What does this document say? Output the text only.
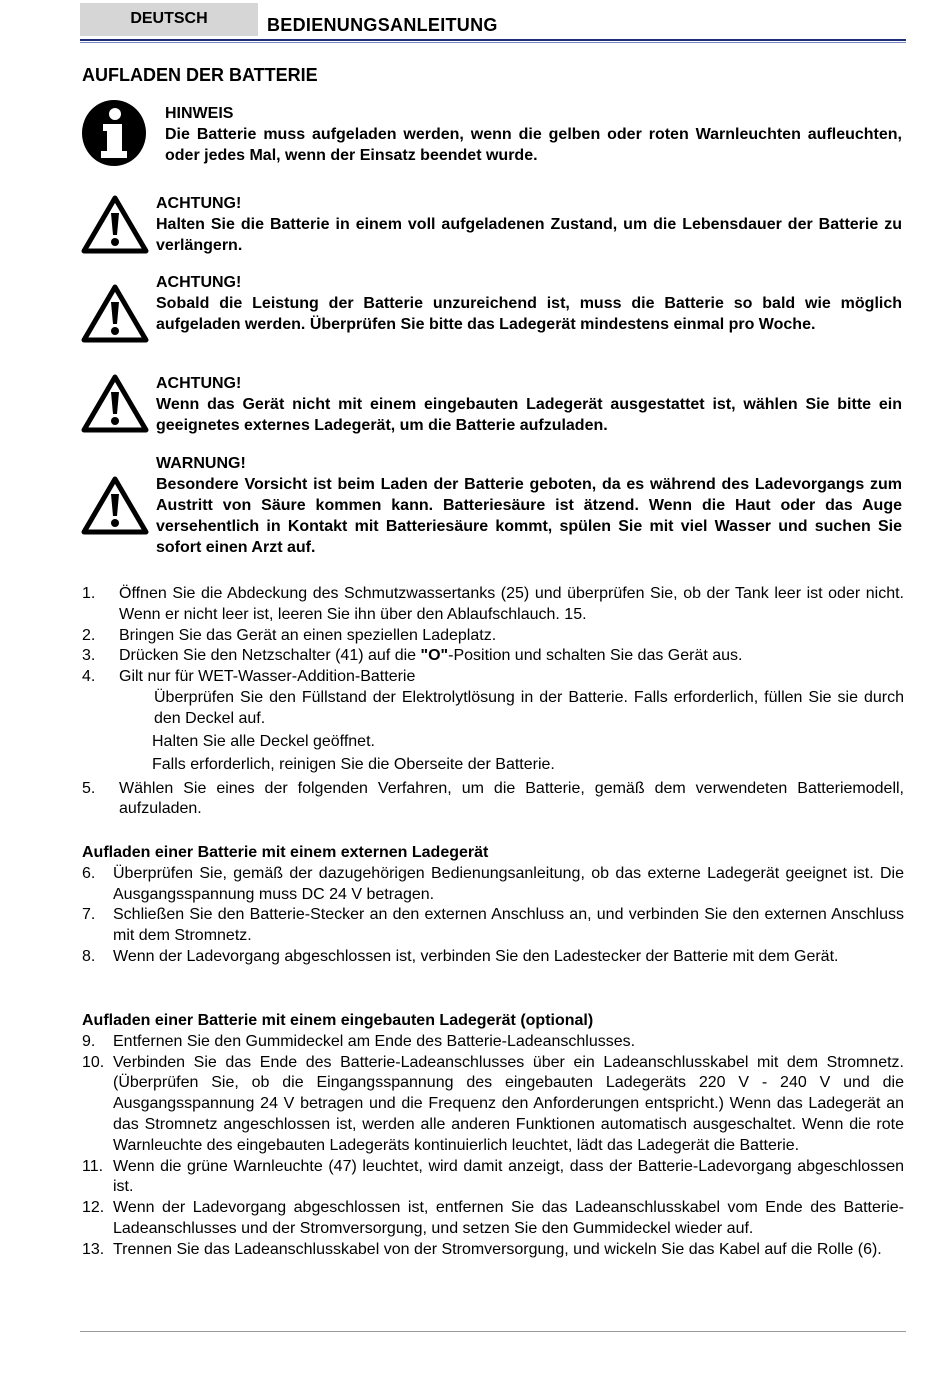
DEUTSCH	BEDIENUNGSANLEITUNG
AUFLADEN DER BATTERIE
HINWEIS
Die Batterie muss aufgeladen werden, wenn die gelben oder roten Warnleuchten aufleuchten, oder jedes Mal, wenn der Einsatz beendet wurde.
ACHTUNG!
Halten Sie die Batterie in einem voll aufgeladenen Zustand, um die Lebensdauer der Batterie zu verlängern.
ACHTUNG!
Sobald die Leistung der Batterie unzureichend ist, muss die Batterie so bald wie möglich aufgeladen werden. Überprüfen Sie bitte das Ladegerät mindestens einmal pro Woche.
ACHTUNG!
Wenn das Gerät nicht mit einem eingebauten Ladegerät ausgestattet ist, wählen Sie bitte ein geeignetes externes Ladegerät, um die Batterie aufzuladen.
WARNUNG!
Besondere Vorsicht ist beim Laden der Batterie geboten, da es während des Ladevorgangs zum Austritt von Säure kommen kann. Batteriesäure ist ätzend. Wenn die Haut oder das Auge versehentlich in Kontakt mit Batteriesäure kommt, spülen Sie mit viel Wasser und suchen Sie sofort einen Arzt auf.
1. Öffnen Sie die Abdeckung des Schmutzwassertanks (25) und überprüfen Sie, ob der Tank leer ist oder nicht. Wenn er nicht leer ist, leeren Sie ihn über den Ablaufschlauch. 15.
2. Bringen Sie das Gerät an einen speziellen Ladeplatz.
3. Drücken Sie den Netzschalter (41) auf die "O"-Position und schalten Sie das Gerät aus.
4. Gilt nur für WET-Wasser-Addition-Batterie
Überprüfen Sie den Füllstand der Elektrolytlösung in der Batterie. Falls erforderlich, füllen Sie sie durch den Deckel auf.
Halten Sie alle Deckel geöffnet.
Falls erforderlich, reinigen Sie die Oberseite der Batterie.
5. Wählen Sie eines der folgenden Verfahren, um die Batterie, gemäß dem verwendeten Batteriemodell, aufzuladen.
Aufladen einer Batterie mit einem externen Ladegerät
6. Überprüfen Sie, gemäß der dazugehörigen Bedienungsanleitung, ob das externe Ladegerät geeignet ist. Die Ausgangsspannung muss DC 24 V betragen.
7. Schließen Sie den Batterie-Stecker an den externen Anschluss an, und verbinden Sie den externen Anschluss mit dem Stromnetz.
8. Wenn der Ladevorgang abgeschlossen ist, verbinden Sie den Ladestecker der Batterie mit dem Gerät.
Aufladen einer Batterie mit einem eingebauten Ladegerät (optional)
9. Entfernen Sie den Gummideckel am Ende des Batterie-Ladeanschlusses.
10. Verbinden Sie das Ende des Batterie-Ladeanschlusses über ein Ladeanschlusskabel mit dem Stromnetz. (Überprüfen Sie, ob die Eingangsspannung des eingebauten Ladegeräts 220 V - 240 V und die Ausgangsspannung 24 V betragen und die Frequenz den Anforderungen entspricht.) Wenn das Ladegerät an das Stromnetz angeschlossen ist, werden alle anderen Funktionen automatisch ausgeschaltet. Wenn die rote Warnleuchte des eingebauten Ladegeräts kontinuierlich leuchtet, lädt das Ladegerät die Batterie.
11. Wenn die grüne Warnleuchte (47) leuchtet, wird damit anzeigt, dass der Batterie-Ladevorgang abgeschlossen ist.
12. Wenn der Ladevorgang abgeschlossen ist, entfernen Sie das Ladeanschlusskabel vom Ende des Batterie-Ladeanschlusses und der Stromversorgung, und setzen Sie den Gummideckel wieder auf.
13. Trennen Sie das Ladeanschlusskabel von der Stromversorgung, und wickeln Sie das Kabel auf die Rolle (6).
